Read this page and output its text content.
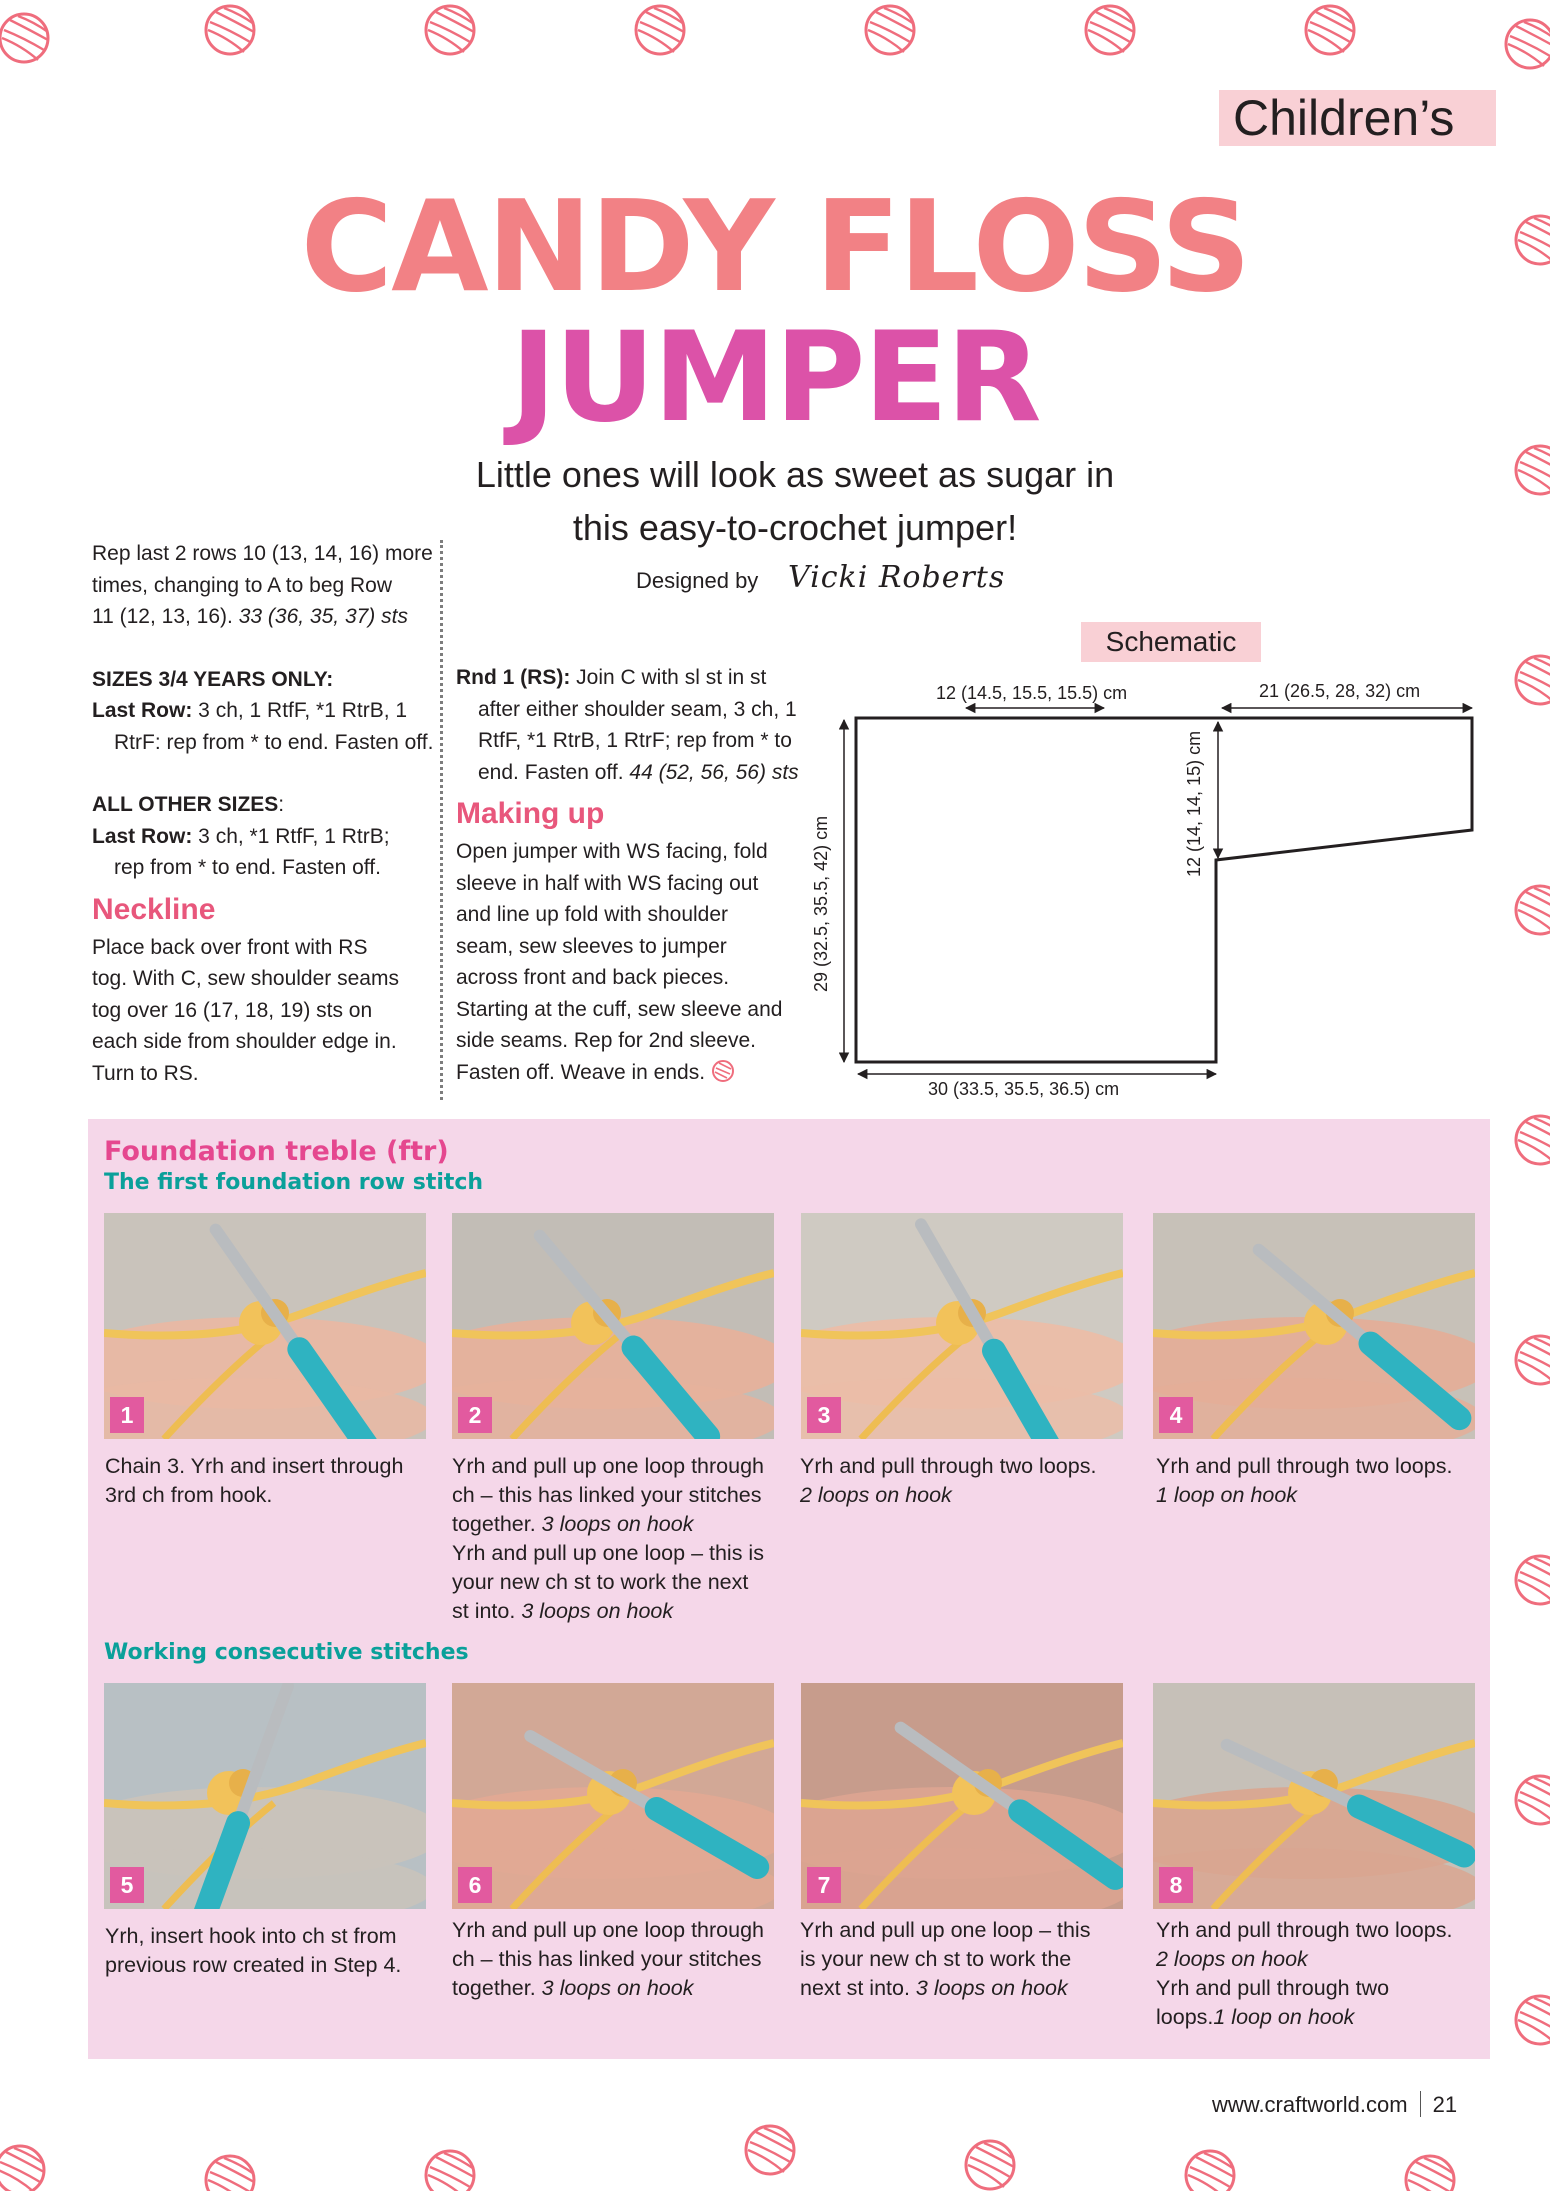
Children’s
CANDY FLOSS
JUMPER
Little ones will look as sweet as sugar in
this easy-to-crochet jumper!
Designed by Vicki Roberts

Rep last 2 rows 10 (13, 14, 16) more

times, changing to A to beg Row

11 (12, 13, 16). 33 (36, 35, 37) sts

SIZES 3/4 YEARS ONLY:

Last Row: 3 ch, 1 RtfF, *1 RtrB, 1

RtrF: rep from * to end. Fasten off.

ALL OTHER SIZES:

Last Row: 3 ch, *1 RtfF, 1 RtrB;

rep from * to end. Fasten off.

Neckline

Place back over front with RS

tog. With C, sew shoulder seams

tog over 16 (17, 18, 19) sts on

each side from shoulder edge in.

Turn to RS.

Rnd 1 (RS): Join C with sl st in st

after either shoulder seam, 3 ch, 1

RtfF, *1 RtrB, 1 RtrF; rep from * to

end. Fasten off. 44 (52, 56, 56) sts

Making up

Open jumper with WS facing, fold

sleeve in half with WS facing out

and line up fold with shoulder

seam, sew sleeves to jumper

across front and back pieces.

Starting at the cuff, sew sleeve and

side seams. Rep for 2nd sleeve.

Fasten off. Weave in ends.

Schematic
12 (14.5, 15.5, 15.5) cm	21 (26.5, 28, 32) cm
12 (14, 14, 15) cm
29 (32.5, 35.5, 42) cm
30 (33.5, 35.5, 36.5) cm
Foundation treble (ftr)
The first foundation row stitch
Working consecutive stitches
1	2	3	4

Chain 3. Yrh and insert through

3rd ch from hook.

Yrh and pull up one loop through

ch – this has linked your stitches

together. 3 loops on hook

Yrh and pull up one loop – this is

your new ch st to work the next

st into. 3 loops on hook

Yrh and pull through two loops.

2 loops on hook

Yrh and pull through two loops.

1 loop on hook

5	6	7	8

Yrh, insert hook into ch st from

previous row created in Step 4.

Yrh and pull up one loop through

ch – this has linked your stitches

together. 3 loops on hook

Yrh and pull up one loop – this

is your new ch st to work the

next st into. 3 loops on hook

Yrh and pull through two loops.

2 loops on hook

Yrh and pull through two

loops.1 loop on hook

www.craftworld.com 21
